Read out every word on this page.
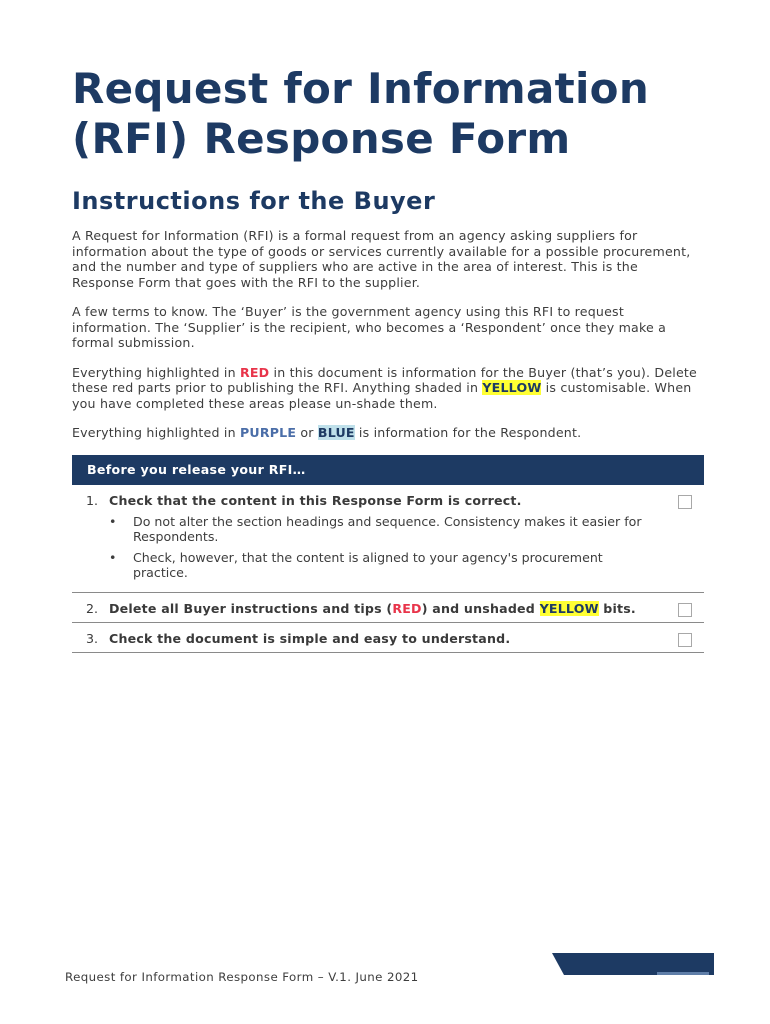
Request for Information
(RFI) Response Form
Instructions for the Buyer

A Request for Information (RFI) is a formal request from an agency asking suppliers for information about the type of goods or services currently available for a possible procurement, and the number and type of suppliers who are active in the area of interest. This is the Response Form that goes with the RFI to the supplier.

A few terms to know. The ‘Buyer’ is the government agency using this RFI to request information. The ‘Supplier’ is the recipient, who becomes a ‘Respondent’ once they make a formal submission.

Everything highlighted in RED in this document is information for the Buyer (that’s you). Delete these red parts prior to publishing the RFI. Anything shaded in YELLOW is customisable. When you have completed these areas please un-shade them.

Everything highlighted in PURPLE or BLUE is information for the Respondent.

Before you release your RFI…
1. Check that the content in this Response Form is correct.
•	Do not alter the section headings and sequence. Consistency makes it easier for Respondents.
•	Check, however, that the content is aligned to your agency's procurement practice.
2. Delete all Buyer instructions and tips (RED) and unshaded YELLOW bits.
3. Check the document is simple and easy to understand.
Request for Information Response Form – V.1. June 2021
